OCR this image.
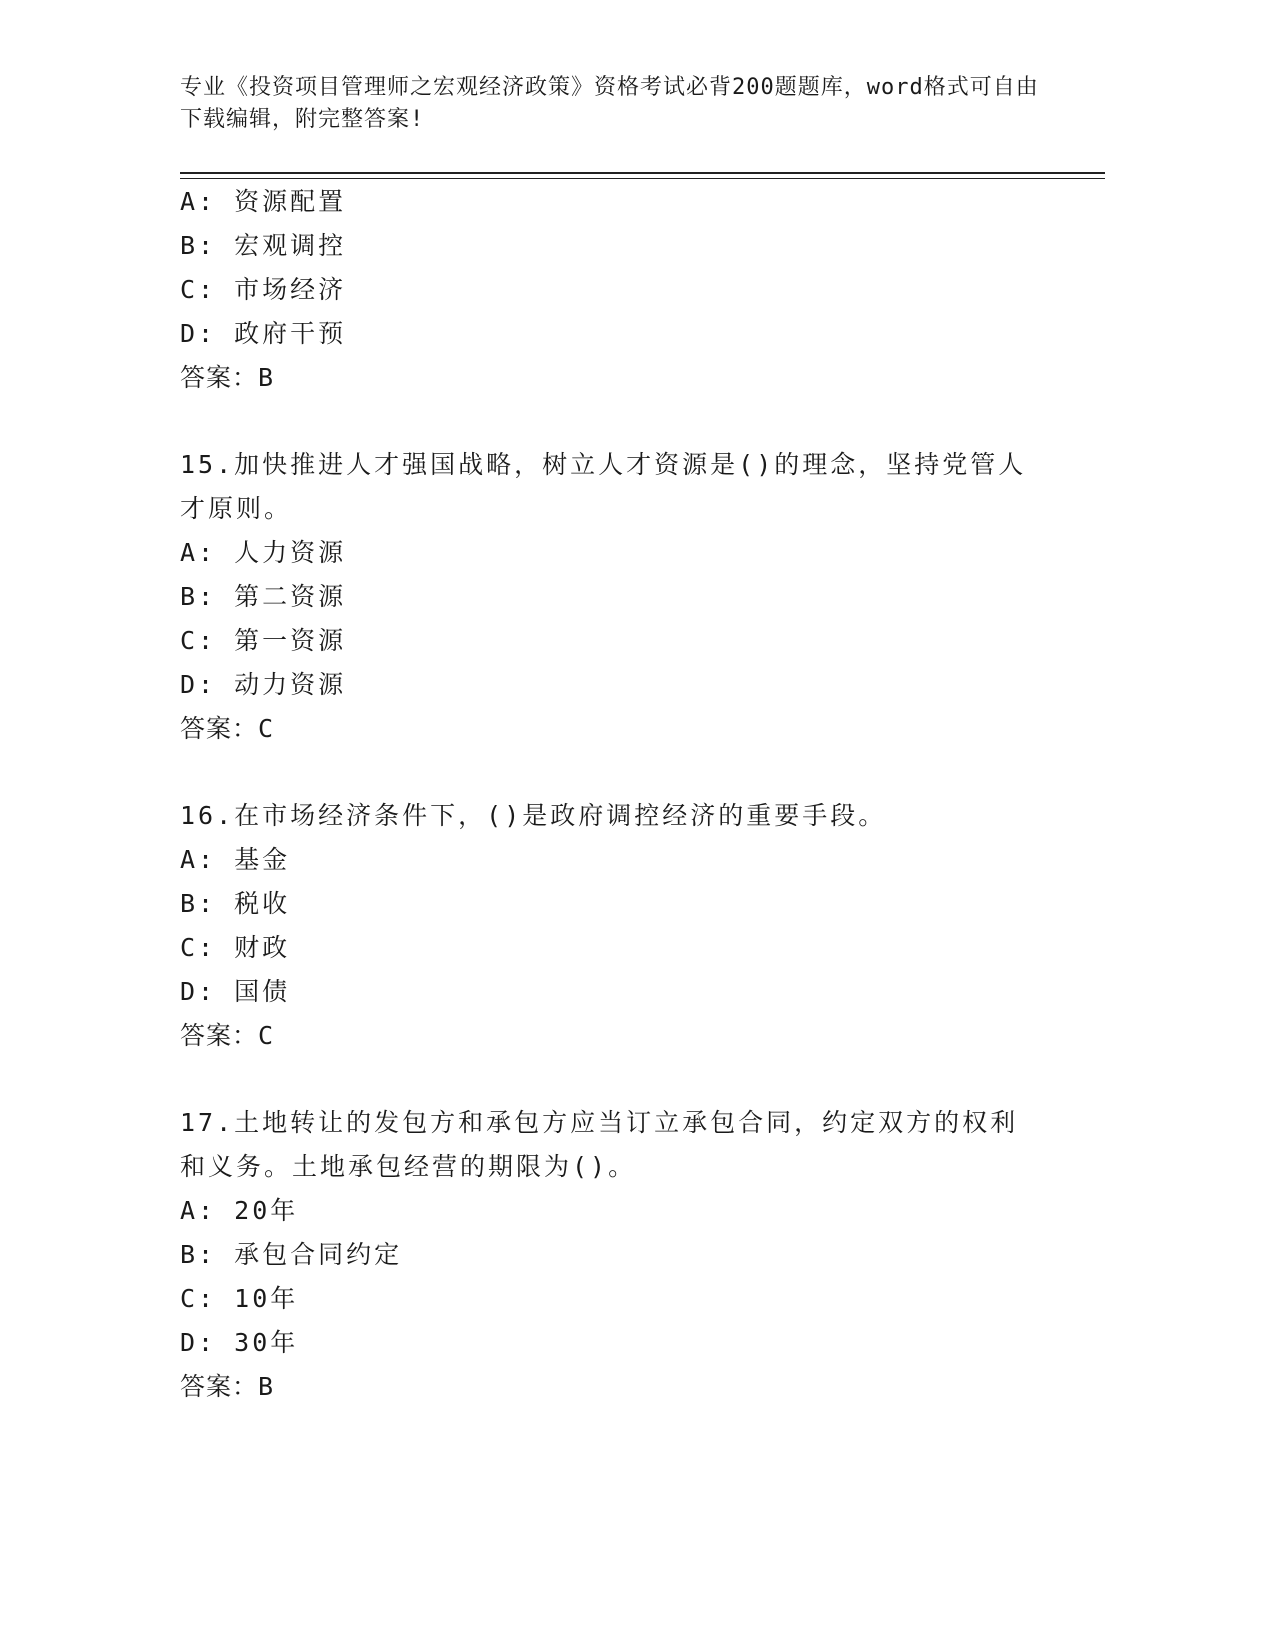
专业《投资项目管理师之宏观经济政策》资格考试必背200题题库，word格式可自由下载编辑，附完整答案!
A: 资源配置
B: 宏观调控
C: 市场经济
D: 政府干预
答案：B
15.加快推进人才强国战略，树立人才资源是()的理念，坚持党管人才原则。
A: 人力资源
B: 第二资源
C: 第一资源
D: 动力资源
答案：C
16.在市场经济条件下，()是政府调控经济的重要手段。
A: 基金
B: 税收
C: 财政
D: 国债
答案：C
17.土地转让的发包方和承包方应当订立承包合同，约定双方的权利和义务。土地承包经营的期限为()。
A: 20年
B: 承包合同约定
C: 10年
D: 30年
答案：B
